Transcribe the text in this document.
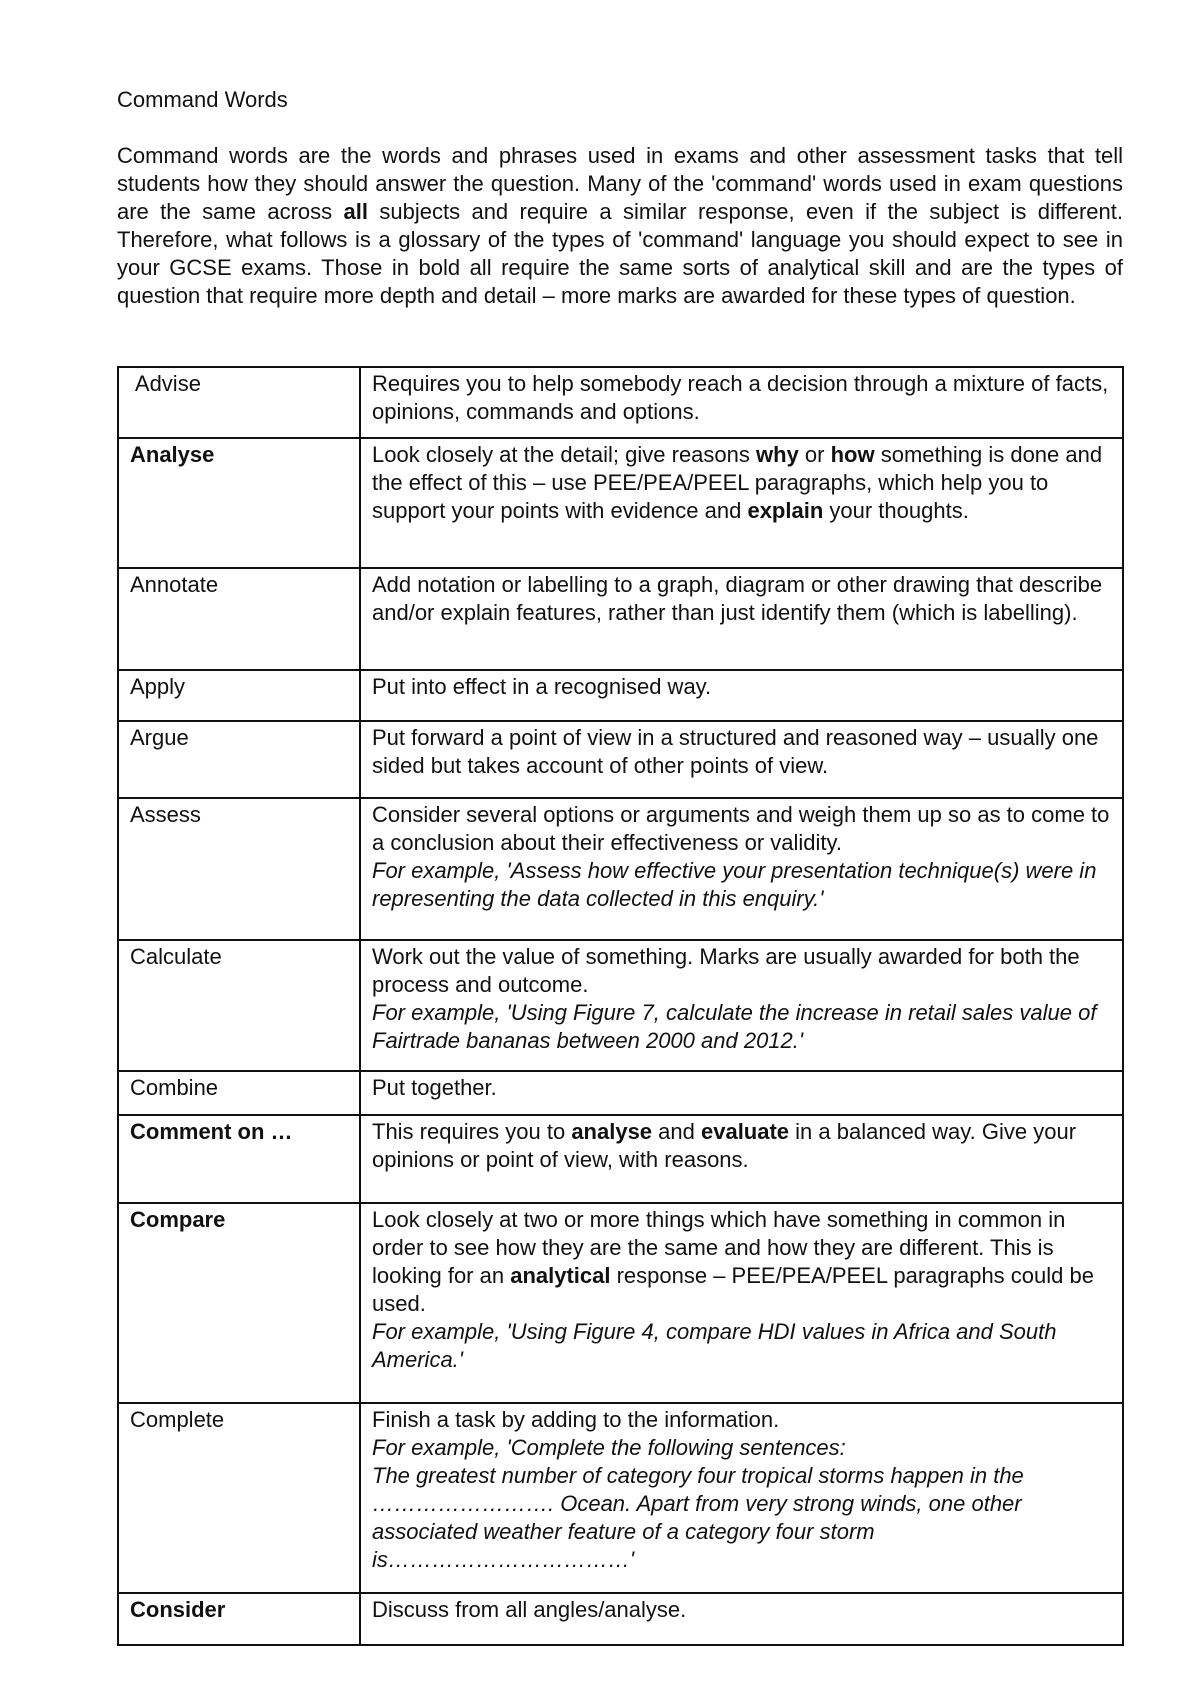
Command Words
Command words are the words and phrases used in exams and other assessment tasks that tell students how they should answer the question. Many of the 'command' words used in exam questions are the same across all subjects and require a similar response, even if the subject is different. Therefore, what follows is a glossary of the types of 'command' language you should expect to see in your GCSE exams. Those in bold all require the same sorts of analytical skill and are the types of question that require more depth and detail – more marks are awarded for these types of question.
Advise	Requires you to help somebody reach a decision through a mixture of facts, opinions, commands and options.
Analyse	Look closely at the detail; give reasons why or how something is done and the effect of this – use PEE/PEA/PEEL paragraphs, which help you to support your points with evidence and explain your thoughts.
Annotate	Add notation or labelling to a graph, diagram or other drawing that describe and/or explain features, rather than just identify them (which is labelling).
Apply	Put into effect in a recognised way.
Argue	Put forward a point of view in a structured and reasoned way – usually one sided but takes account of other points of view.
Assess	Consider several options or arguments and weigh them up so as to come to a conclusion about their effectiveness or validity.
For example, 'Assess how effective your presentation technique(s) were in representing the data collected in this enquiry.'

Calculate	Work out the value of something. Marks are usually awarded for both the process and outcome.
For example, 'Using Figure 7, calculate the increase in retail sales value of Fairtrade bananas between 2000 and 2012.'

Combine	Put together.
Comment on …	This requires you to analyse and evaluate in a balanced way. Give your opinions or point of view, with reasons.
Compare	Look closely at two or more things which have something in common in order to see how they are the same and how they are different. This is looking for an analytical response – PEE/PEA/PEEL paragraphs could be used.
For example, 'Using Figure 4, compare HDI values in Africa and South America.'

Complete	Finish a task by adding to the information.
For example, 'Complete the following sentences:
The greatest number of category four tropical storms happen in the ……………………. Ocean. Apart from very strong winds, one other associated weather feature of a category four storm is……………………………'

Consider	Discuss from all angles/analyse.
